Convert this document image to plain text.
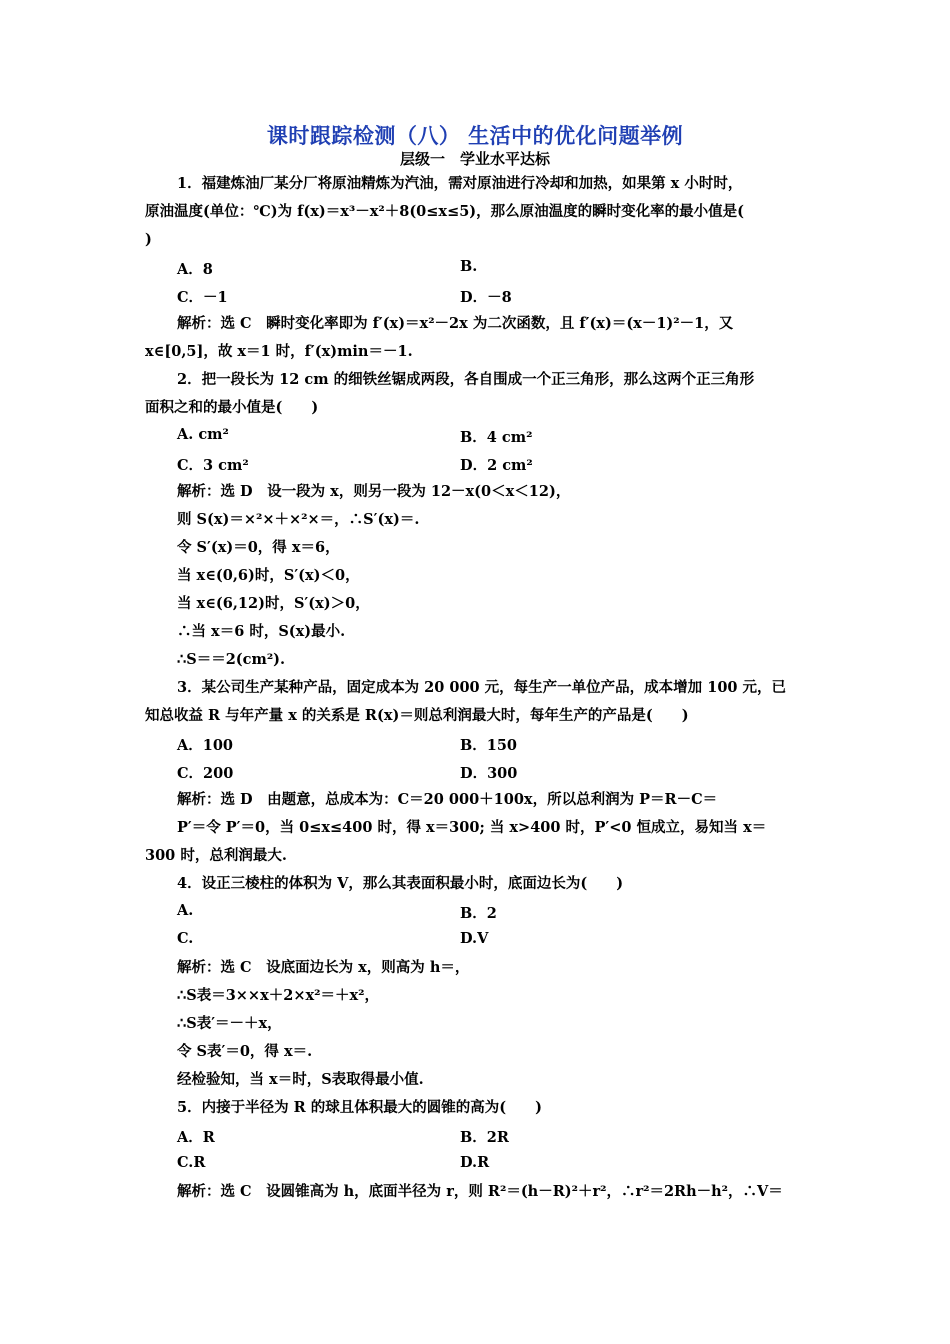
课时跟踪检测（八） 生活中的优化问题举例
层级一　学业水平达标
1．福建炼油厂某分厂将原油精炼为汽油，需对原油进行冷却和加热，如果第 x 小时时，
原油温度(单位：℃)为 f(x)＝x³－x²＋8(0≤x≤5)，那么原油温度的瞬时变化率的最小值是(
)
A．8	B.
C．－1	D．－8
解析：选 C　瞬时变化率即为 f′(x)＝x²－2x 为二次函数，且 f′(x)＝(x－1)²－1，又
x∈[0,5]，故 x＝1 时，f′(x)min＝－1.
2．把一段长为 12 cm 的细铁丝锯成两段，各自围成一个正三角形，那么这两个正三角形
面积之和的最小值是(　　)
A. cm²	B．4 cm²
C．3 cm²	D．2 cm²
解析：选 D　设一段为 x，则另一段为 12－x(0＜x＜12)，
则 S(x)＝×²×＋×²×＝，∴S′(x)＝.
令 S′(x)＝0，得 x＝6，
当 x∈(0,6)时，S′(x)＜0，
当 x∈(6,12)时，S′(x)＞0，
∴当 x＝6 时，S(x)最小.
∴S＝＝2(cm²).
3．某公司生产某种产品，固定成本为 20 000 元，每生产一单位产品，成本增加 100 元，已
知总收益 R 与年产量 x 的关系是 R(x)＝则总利润最大时，每年生产的产品是(　　)
A．100	B．150
C．200	D．300
解析：选 D　由题意，总成本为：C＝20 000＋100x，所以总利润为 P＝R－C＝
P′＝令 P′＝0，当 0≤x≤400 时，得 x＝300; 当 x>400 时，P′<0 恒成立，易知当 x＝
300 时，总利润最大.
4．设正三棱柱的体积为 V，那么其表面积最小时，底面边长为(　　)
A.	B．2
C.	D.V
解析：选 C　设底面边长为 x，则高为 h＝，
∴S表＝3××x＋2×x²＝＋x²，
∴S表′＝－＋x，
令 S表′＝0，得 x＝.
经检验知，当 x＝时，S表取得最小值.
5．内接于半径为 R 的球且体积最大的圆锥的高为(　　)
A．R	B．2R
C.R	D.R
解析：选 C　设圆锥高为 h，底面半径为 r，则 R²＝(h－R)²＋r²，∴r²＝2Rh－h²，∴V＝
